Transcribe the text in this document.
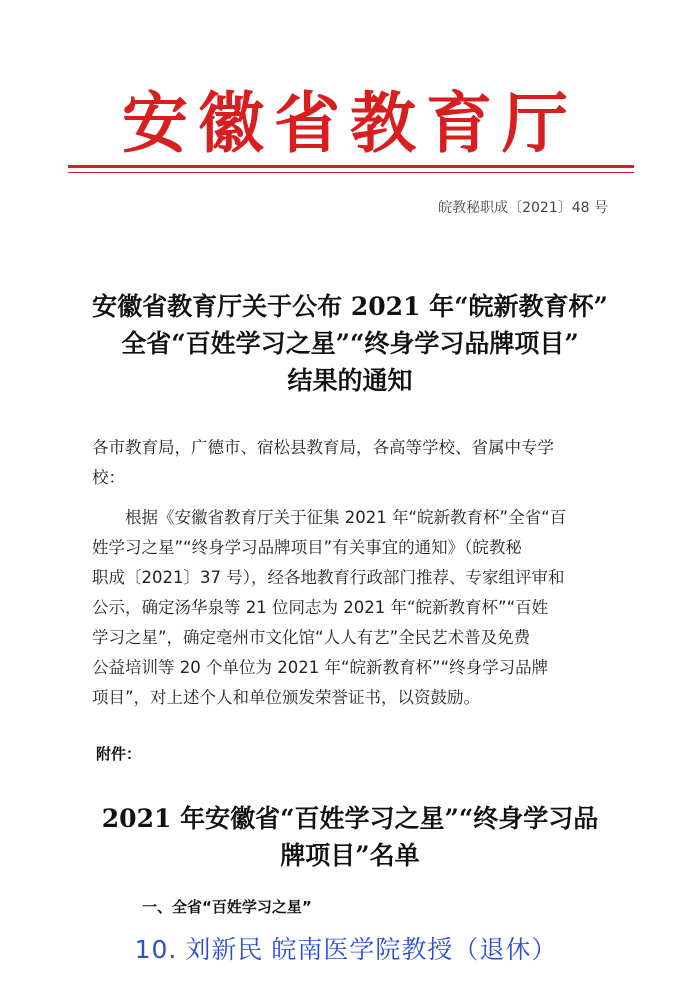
安徽省教育厅
皖教秘职成〔2021〕48 号
安徽省教育厅关于公布 2021 年“皖新教育杯”
全省“百姓学习之星”“终身学习品牌项目”
结果的通知
各市教育局，广德市、宿松县教育局，各高等学校、省属中专学
校：
　　根据《安徽省教育厅关于征集 2021 年“皖新教育杯”全省“百
姓学习之星”“终身学习品牌项目”有关事宜的通知》（皖教秘
职成〔2021〕37 号），经各地教育行政部门推荐、专家组评审和
公示，确定汤华泉等 21 位同志为 2021 年“皖新教育杯”“百姓
学习之星”，确定亳州市文化馆“人人有艺”全民艺术普及免费
公益培训等 20 个单位为 2021 年“皖新教育杯”“终身学习品牌
项目”，对上述个人和单位颁发荣誉证书，以资鼓励。
附件：
2021 年安徽省“百姓学习之星”“终身学习品
牌项目”名单
一、全省“百姓学习之星”
10. 刘新民 皖南医学院教授（退休）
